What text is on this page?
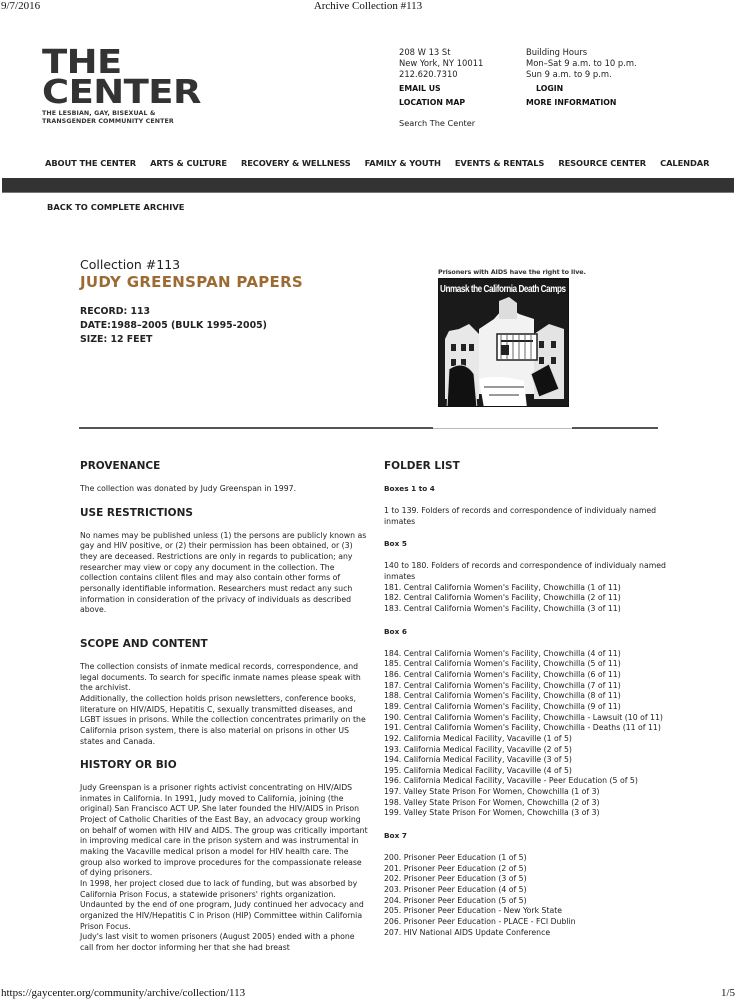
9/7/2016	Archive Collection #113
THE
CENTER
THE LESBIAN, GAY, BISEXUAL &
TRANSGENDER COMMUNITY CENTER
208 W 13 St
New York, NY 10011
212.620.7310
EMAIL US
LOCATION MAP
Search The Center
Building Hours
Mon–Sat 9 a.m. to 10 p.m.
Sun 9 a.m. to 9 p.m.
LOGIN
MORE INFORMATION
ABOUT THE CENTER ARTS & CULTURE RECOVERY & WELLNESS FAMILY & YOUTH EVENTS & RENTALS RESOURCE CENTER CALENDAR
BACK TO COMPLETE ARCHIVE
Collection #113
JUDY GREENSPAN PAPERS
RECORD: 113
DATE:1988–2005 (BULK 1995-2005)
SIZE: 12 FEET
Prisoners with AIDS have the right to live.
Unmask the California Death Camps
PROVENANCE

The collection was donated by Judy Greenspan in 1997.

USE RESTRICTIONS

No names may be published unless (1) the persons are publicly known as gay and HIV positive, or (2) their permission has been obtained, or (3) they are deceased. Restrictions are only in regards to publication; any researcher may view or copy any document in the collection. The collection contains clilent files and may also contain other forms of personally identifiable information. Researchers must redact any such information in consideration of the privacy of individuals as described above.

SCOPE AND CONTENT

The collection consists of inmate medical records, correspondence, and legal documents. To search for specific inmate names please speak with the archivist.

Additionally, the collection holds prison newsletters, conference books, literature on HIV/AIDS, Hepatitis C, sexually transmitted diseases, and LGBT issues in prisons. While the collection concentrates primarily on the California prison system, there is also material on prisons in other US states and Canada.

HISTORY OR BIO

Judy Greenspan is a prisoner rights activist concentrating on HIV/AIDS inmates in California. In 1991, Judy moved to California, joining (the original) San Francisco ACT UP. She later founded the HIV/AIDS in Prison Project of Catholic Charities of the East Bay, an advocacy group working on behalf of women with HIV and AIDS. The group was critically important in improving medical care in the prison system and was instrumental in making the Vacaville medical prison a model for HIV health care. The group also worked to improve procedures for the compassionate release of dying prisoners.

In 1998, her project closed due to lack of funding, but was absorbed by California Prison Focus, a statewide prisoners' rights organization. Undaunted by the end of one program, Judy continued her advocacy and organized the HIV/Hepatitis C in Prison (HIP) Committee within California Prison Focus.

Judy's last visit to women prisoners (August 2005) ended with a phone call from her doctor informing her that she had breast

FOLDER LIST
Boxes 1 to 4
1 to 139. Folders of records and correspondence of individualy named inmates
Box 5
140 to 180. Folders of records and correspondence of individualy named inmates
181. Central California Women's Facility, Chowchilla (1 of 11)
182. Central California Women's Facility, Chowchilla (2 of 11)
183. Central California Women's Facility, Chowchilla (3 of 11)
Box 6
184. Central California Women's Facility, Chowchilla (4 of 11)
185. Central California Women's Facility, Chowchilla (5 of 11)
186. Central California Women's Facility, Chowchilla (6 of 11)
187. Central California Women's Facility, Chowchilla (7 of 11)
188. Central California Women's Facility, Chowchilla (8 of 11)
189. Central California Women's Facility, Chowchilla (9 of 11)
190. Central California Women's Facility, Chowchilla - Lawsuit (10 of 11)
191. Central California Women's Facility, Chowchilla - Deaths (11 of 11)
192. California Medical Facility, Vacaville (1 of 5)
193. California Medical Facility, Vacaville (2 of 5)
194. California Medical Facility, Vacaville (3 of 5)
195. California Medical Facility, Vacaville (4 of 5)
196. California Medical Facility, Vacaville - Peer Education (5 of 5)
197. Valley State Prison For Women, Chowchilla (1 of 3)
198. Valley State Prison For Women, Chowchilla (2 of 3)
199. Valley State Prison For Women, Chowchilla (3 of 3)
Box 7
200. Prisoner Peer Education (1 of 5)
201. Prisoner Peer Education (2 of 5)
202. Prisoner Peer Education (3 of 5)
203. Prisoner Peer Education (4 of 5)
204. Prisoner Peer Education (5 of 5)
205. Prisoner Peer Education - New York State
206. Prisoner Peer Education - PLACE - FCI Dublin
207. HIV National AIDS Update Conference
https://gaycenter.org/community/archive/collection/113	1/5
